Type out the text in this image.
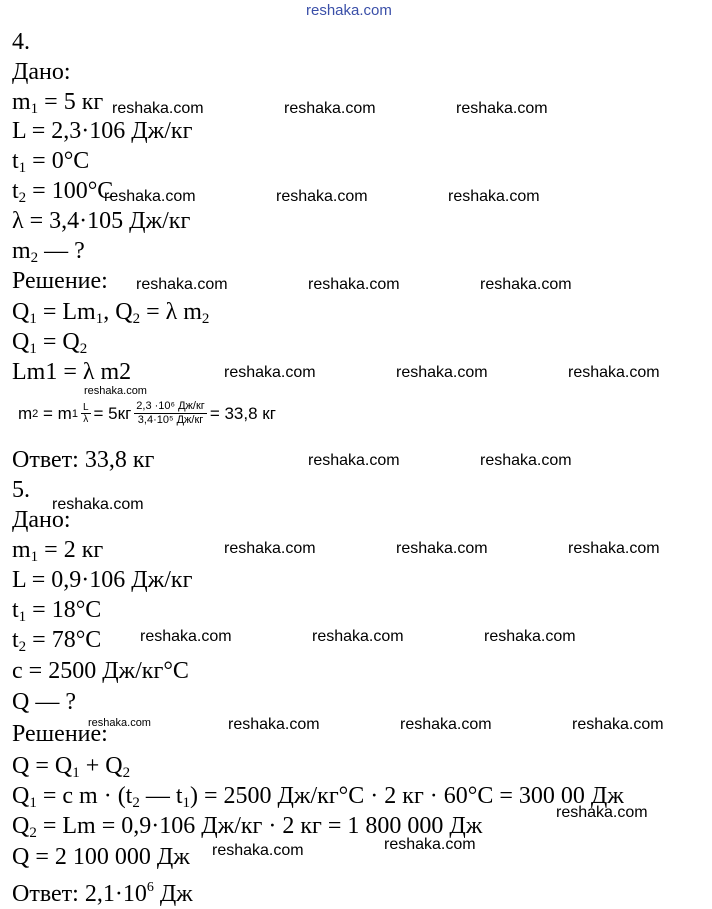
reshaka.com
4.
Дано:
$m_1 = 5$ кг
L = 2,3·106 Дж/кг
$t_1 = 0^\circ C$
$t_2 = 100^\circ C$
λ = 3,4·105 Дж/кг
$m_2$ — ?
Решение:
$Q_1 = Lm_1$, $Q_2 = \lambda$ $m_2$
$Q_1 = Q_2$
Lm1 = λ m2
m 2 = m $1 \frac{L}{\lambda} = 5кг \frac{\text{2,3 ·10⁶ Дж/кг}}{\text{3,4·10⁵ Дж/кг}} = 33,8$ кг
Ответ: 33,8 кг
5.
Дано:
$m_1 = 2$ кг
L = 0,9·106 Дж/кг
$t_1 = 18^\circ C$
$t_2 = 78^\circ C$
c = 2500 Дж/кг°C
Q — ?
Решение:
$Q = Q_1 + Q_2$
$Q_1 = c$ $m \cdot (t_2$ — $t_1) = 2500$ Дж/кг°C · 2 кг · 60°C = 300 00 Дж
$Q_2 = Lm = 0,9\cdot 106$ Дж/кг · 2 кг = 1 800 000 Дж
Q = 2 100 000 Дж
Ответ: $2,1\cdot 10^6$ Дж
reshaka.com	reshaka.com	reshaka.com
reshaka.com	reshaka.com	reshaka.com
reshaka.com	reshaka.com	reshaka.com
reshaka.com	reshaka.com	reshaka.com
reshaka.com
reshaka.com	reshaka.com
reshaka.com
reshaka.com	reshaka.com	reshaka.com
reshaka.com	reshaka.com	reshaka.com
reshaka.com	reshaka.com	reshaka.com	reshaka.com
reshaka.com
reshaka.com	reshaka.com
